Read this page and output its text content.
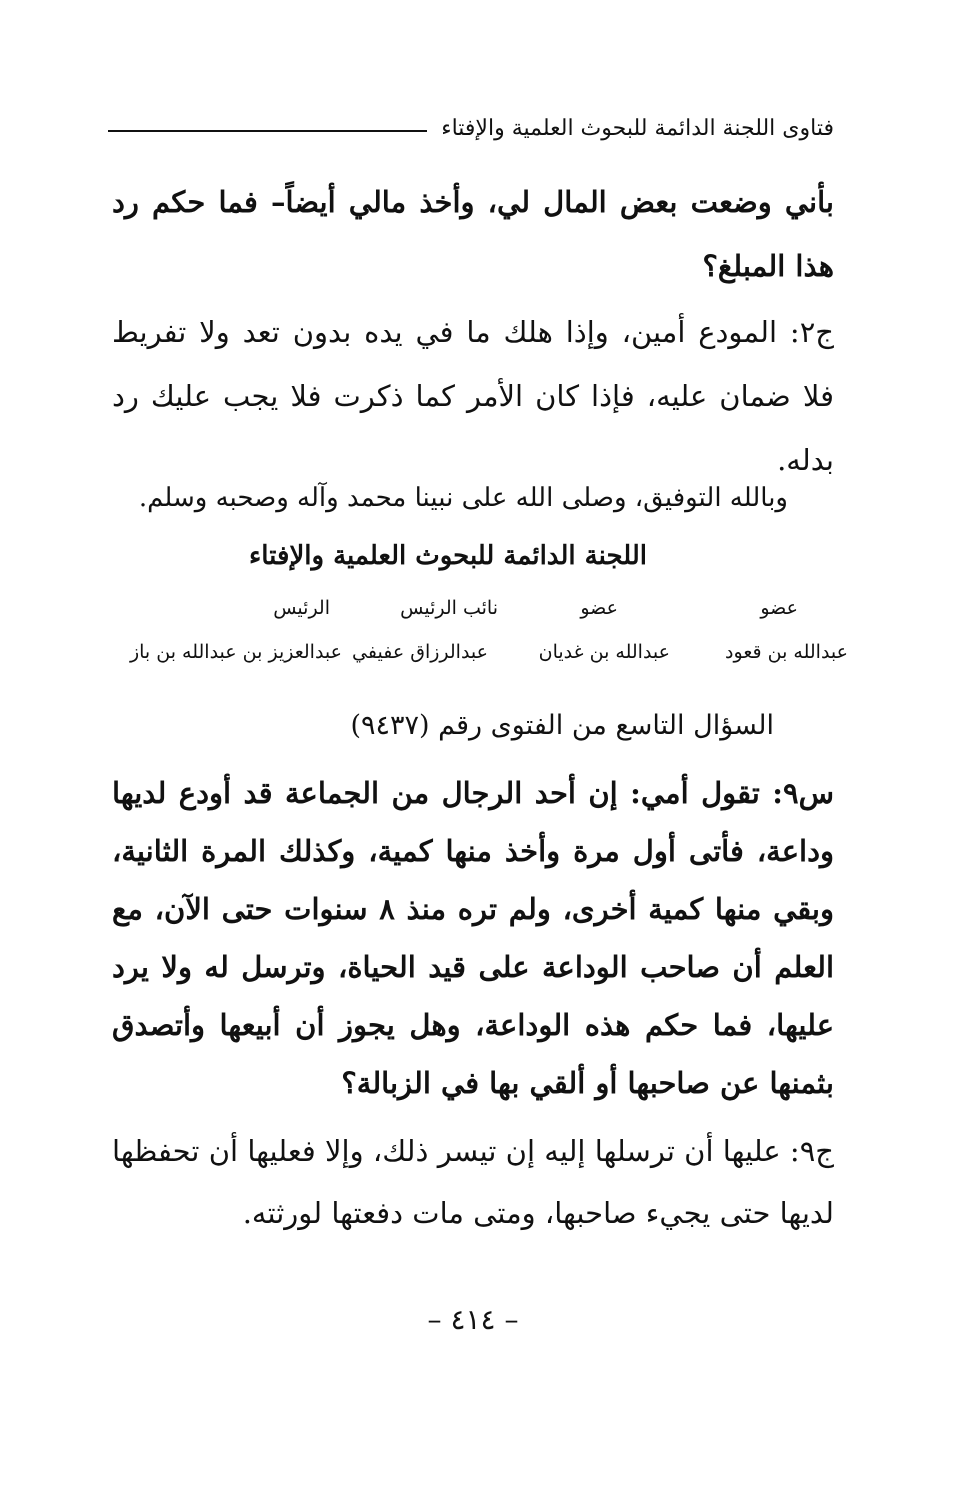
فتاوى اللجنة الدائمة للبحوث العلمية والإفتاء

بأني وضعت بعض المال لي، وأخذ مالي أيضاً– فما حكم رد هذا المبلغ؟

ج٢: المودع أمين، وإذا هلك ما في يده بدون تعد ولا تفريط فلا ضمان عليه، فإذا كان الأمر كما ذكرت فلا يجب عليك رد بدله.

وبالله التوفيق، وصلى الله على نبينا محمد وآله وصحبه وسلم.

اللجنة الدائمة للبحوث العلمية والإفتاء

عضو
عضو
نائب الرئيس
الرئيس
عبدالله بن قعود
عبدالله بن غديان
عبدالرزاق عفيفي
عبدالعزيز بن عبدالله بن باز

السؤال التاسع من الفتوى رقم (٩٤٣٧)

س٩: تقول أمي: إن أحد الرجال من الجماعة قد أودع لديها وداعة، فأتى أول مرة وأخذ منها كمية، وكذلك المرة الثانية، وبقي منها كمية أخرى، ولم تره منذ ٨ سنوات حتى الآن، مع العلم أن صاحب الوداعة على قيد الحياة، وترسل له ولا يرد عليها، فما حكم هذه الوداعة، وهل يجوز أن أبيعها وأتصدق بثمنها عن صاحبها أو ألقي بها في الزبالة؟

ج٩: عليها أن ترسلها إليه إن تيسر ذلك، وإلا فعليها أن تحفظها لديها حتى يجيء صاحبها، ومتى مات دفعتها لورثته.

– ٤١٤ –
